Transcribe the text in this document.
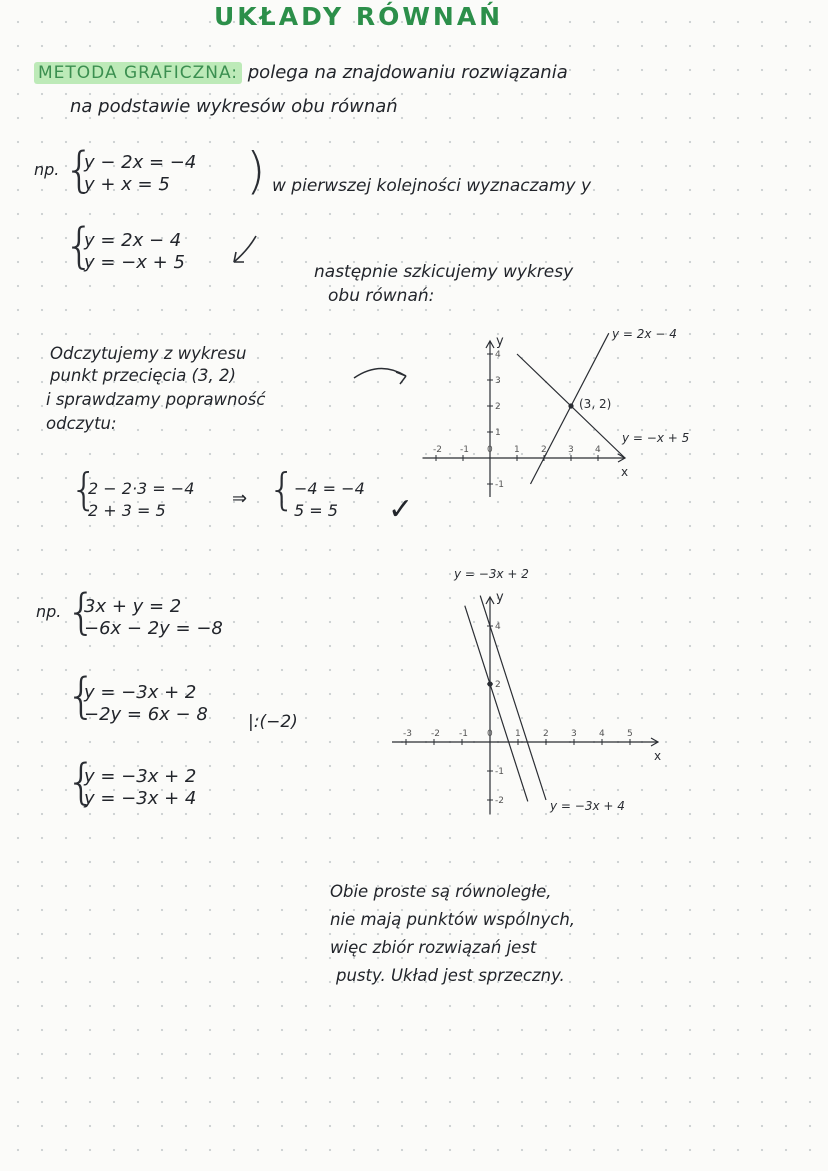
UKŁADY RÓWNAŃ
METODA GRAFICZNA: polega na znajdowaniu rozwiązania
na podstawie wykresów obu równań
np. {
y − 2x = −4
y + x = 5	) w pierwszej kolejności wyznaczamy y
{
y = 2x − 4
y = −x + 5	następnie szkicujemy wykresy
obu równań:
Odczytujemy z wykresu
punkt przecięcia (3, 2)
i sprawdzamy poprawność
odczytu:
{
2 − 2·3 = −4
2 + 3 = 5
⇒ {
−4 = −4
5 = 5	✓
x
y
-2 -1 0 1 2 3 4
-1
1
2
3
4
y = 2x − 4
y = −x + 5
(3, 2)
np. {
3x + y = 2
−6x − 2y = −8
{
y = −3x + 2
−2y = 6x − 8 |:(−2)
{
y = −3x + 2
y = −3x + 4
x
y
-3 -2 -1 0 1 2 3 4 5
-2
-1
2
4
y = −3x + 2
y = −3x + 4
Obie proste są równoległe,
nie mają punktów wspólnych,
więc zbiór rozwiązań jest
pusty. Układ jest sprzeczny.
